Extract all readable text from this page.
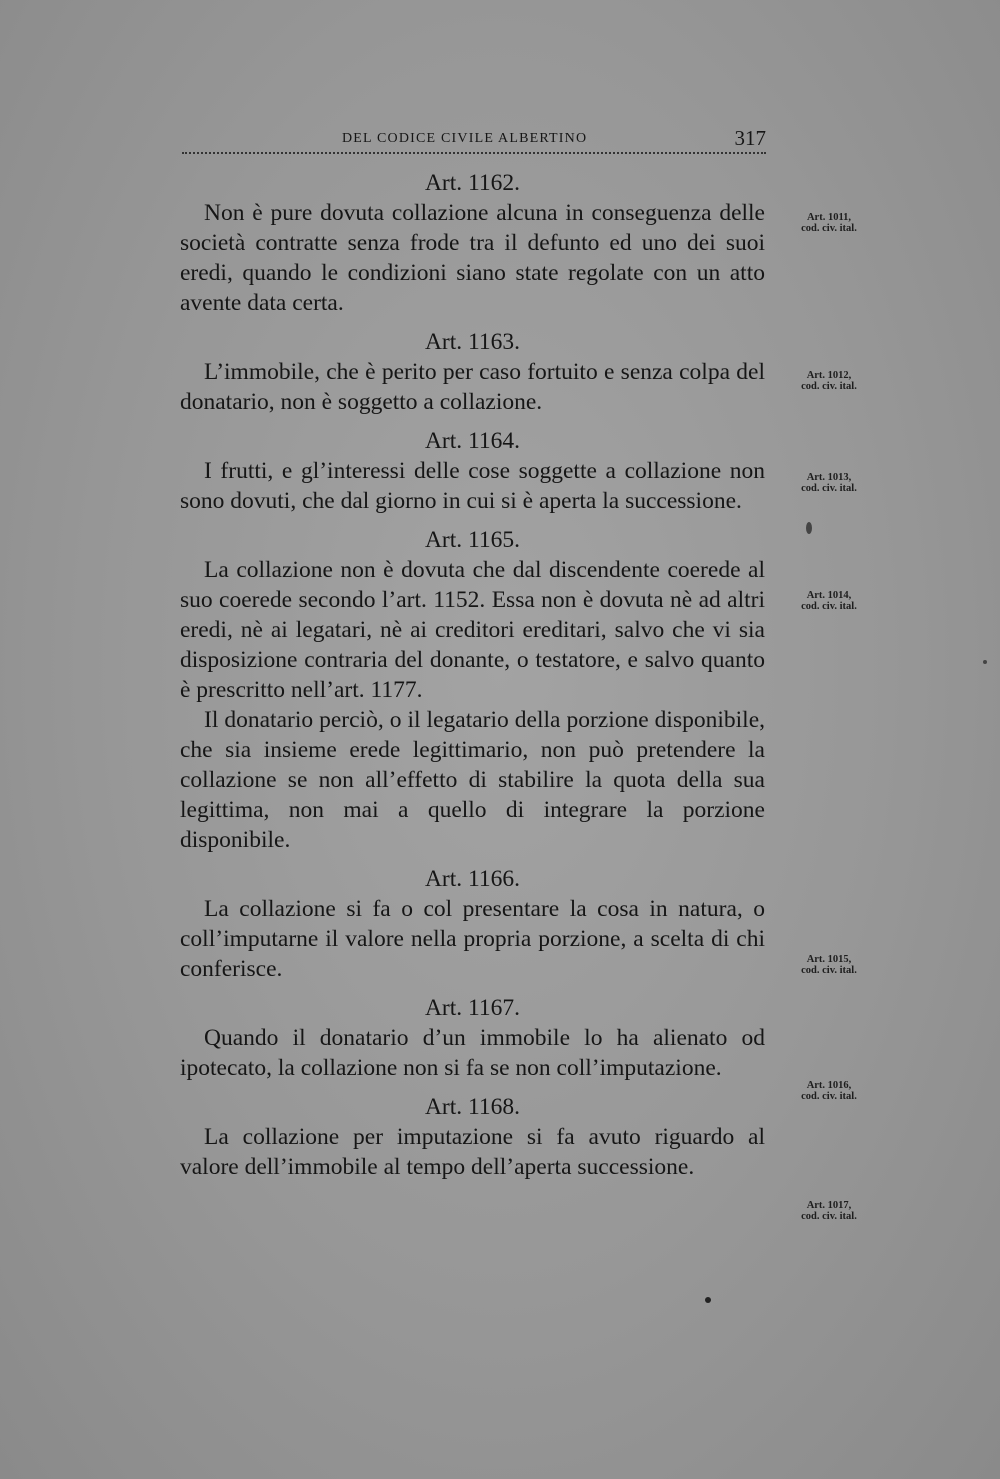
DEL CODICE CIVILE ALBERTINO	317

Art. 1162.

Non è pure dovuta collazione alcuna in conseguenza delle società contratte senza frode tra il defunto ed uno dei suoi eredi, quando le condizioni siano state regolate con un atto avente data certa.

Art. 1163.

L’immobile, che è perito per caso fortuito e senza colpa del donatario, non è soggetto a collazione.

Art. 1164.

I frutti, e gl’interessi delle cose soggette a collazione non sono dovuti, che dal giorno in cui si è aperta la successione.

Art. 1165.

La collazione non è dovuta che dal discendente coerede al suo coerede secondo l’art. 1152. Essa non è dovuta nè ad altri eredi, nè ai legatari, nè ai creditori ereditari, salvo che vi sia disposizione contraria del donante, o testatore, e salvo quanto è prescritto nell’art. 1177.

Il donatario perciò, o il legatario della porzione disponibile, che sia insieme erede legittimario, non può pretendere la collazione se non all’effetto di stabilire la quota della sua legittima, non mai a quello di integrare la porzione disponibile.

Art. 1166.

La collazione si fa o col presentare la cosa in natura, o coll’imputarne il valore nella propria porzione, a scelta di chi conferisce.

Art. 1167.

Quando il donatario d’un immobile lo ha alienato od ipotecato, la collazione non si fa se non coll’imputazione.

Art. 1168.

La collazione per imputazione si fa avuto riguardo al valore dell’immobile al tempo dell’aperta successione.

Art. 1011,
cod. civ. ital.
Art. 1012,
cod. civ. ital.
Art. 1013,
cod. civ. ital.
Art. 1014,
cod. civ. ital.
Art. 1015,
cod. civ. ital.
Art. 1016,
cod. civ. ital.
Art. 1017,
cod. civ. ital.
